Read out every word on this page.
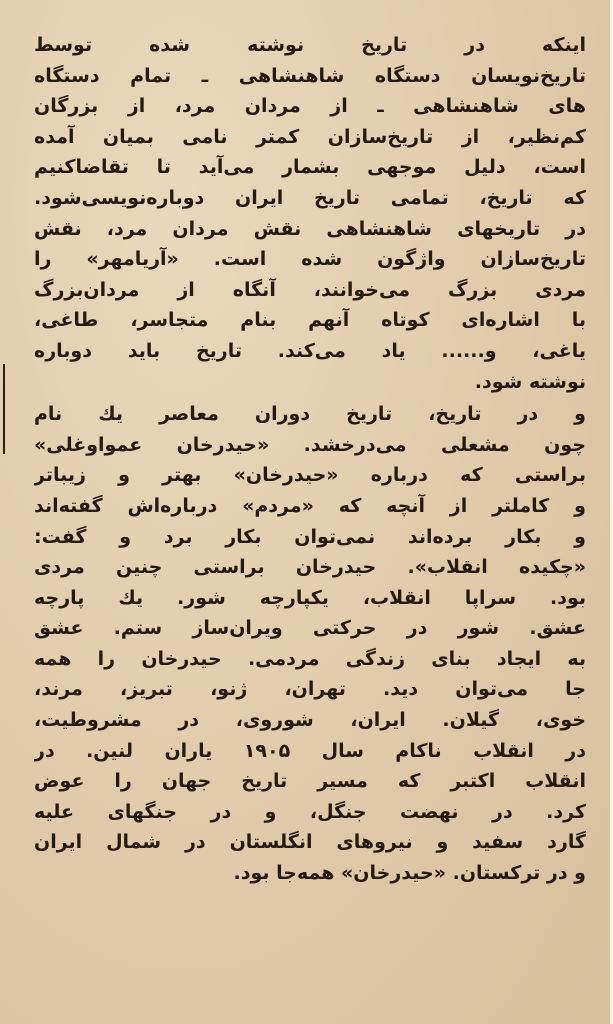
اینکه در تاریخ نوشته شده توسط
تاریخ‌نویسان دستگاه شاهنشاهی ـ تمام دستگاه‌
های شاهنشاهی ـ از مردان مرد، از بزرگان
کم‌نظیر، از تاریخ‌سازان کمتر نامی بمیان آمده
است، دلیل موجهی بشمار می‌آید تا تقاضاکنیم
که تاریخ، تمامی تاریخ ایران دوباره‌نویسی‌شود.
در تاریخهای شاهنشاهی نقش مردان مرد، نقش
تاریخ‌سازان واژگون شده است. «آریامهر» را
مردی بزرگ می‌خوانند، آنگاه از مردان‌بزرگ
با اشاره‌ای کوتاه آنهم بنام متجاسر، طاغی،
یاغی، و...... یاد می‌کند. تاریخ باید دوباره
نوشته شود.
و در تاریخ، تاریخ دوران معاصر یك نام
چون مشعلی می‌درخشد. «حیدرخان عمواوغلی»
براستی که درباره «حیدرخان» بهتر و زیباتر
و کاملتر از آنچه که «مردم» درباره‌اش گفته‌اند
و بکار برده‌اند نمی‌توان بکار برد و گفت:
«چکیده انقلاب». حیدرخان براستی چنین مردی
بود. سراپا انقلاب، یکپارچه شور. یك پارچه
عشق. شور در حرکتی ویران‌ساز ستم. عشق
به ایجاد بنای زندگی مردمی. حیدرخان را همه
جا می‌توان دید. تهران، ژنو، تبریز، مرند،
خوی، گیلان. ایران، شوروی، در مشروطیت،
در انقلاب ناکام سال ۱۹۰۵ یاران لنین. در
انقلاب اکتبر که مسیر تاریخ جهان را عوض
کرد. در نهضت جنگل، و در جنگهای علیه
گارد سفید و نیروهای انگلستان در شمال ایران
و در ترکستان. «حیدرخان» همه‌جا بود.
